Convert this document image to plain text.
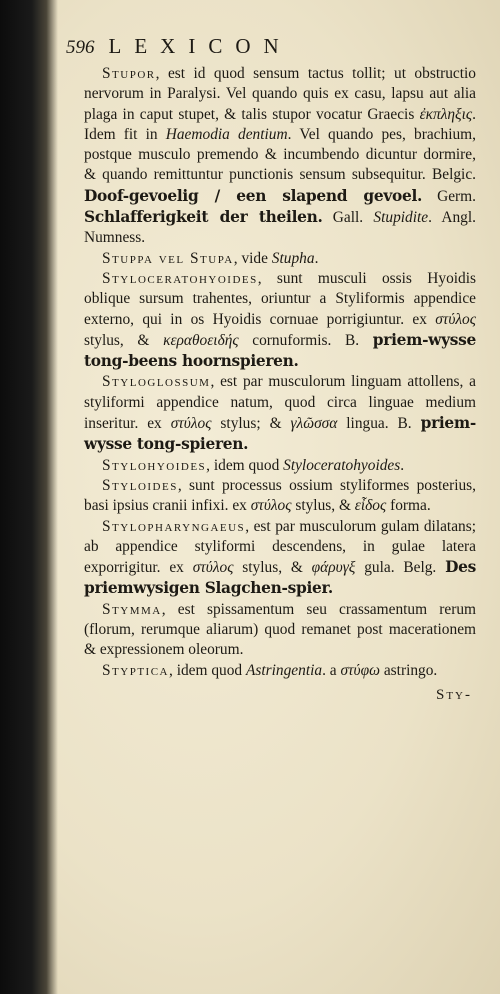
596 LEXICON

Stupor, est id quod sensum tactus tollit; ut obstructio nervorum in Paralysi. Vel quando quis ex casu, lapsu aut alia plaga in caput stupet, & talis stupor vocatur Graecis ἐκπληξις. Idem fit in Haemodia dentium. Vel quando pes, brachium, postque musculo premendo & incumbendo dicuntur dormire, & quando remittuntur punctionis sensum subsequitur. Belgic. Doof-gevoelig / een slapend gevoel. Germ. Schlafferigkeit der theilen. Gall. Stupidite. Angl. Numness.

Stuppa vel Stupa, vide Stupha.

Styloceratohyoides, sunt musculi ossis Hyoidis oblique sursum trahentes, oriuntur a Styliformis appendice externo, qui in os Hyoidis cornuae porrigiuntur. ex στύλος stylus, & κεραθοειδής cornuformis. B. priem-wysse tong-beens hoornspieren.

Styloglossum, est par musculorum linguam attollens, a styliformi appendice natum, quod circa linguae medium inseritur. ex στύλος stylus; & γλῶσσα lingua. B. priem-wysse tong-spieren.

Stylohyoides, idem quod Styloceratohyoides.

Styloides, sunt processus ossium styliformes posterius, basi ipsius cranii infixi. ex στύλος stylus, & εἶδος forma.

Stylopharyngaeus, est par musculorum gulam dilatans; ab appendice styliformi descendens, in gulae latera exporrigitur. ex στύλος stylus, & φάρυγξ gula. Belg. Des priemwysigen Slagchen-spier.

Stymma, est spissamentum seu crassamentum rerum (florum, rerumque aliarum) quod remanet post macerationem & expressionem oleorum.

Styptica, idem quod Astringentia. a στύφω astringo.

Sty-
